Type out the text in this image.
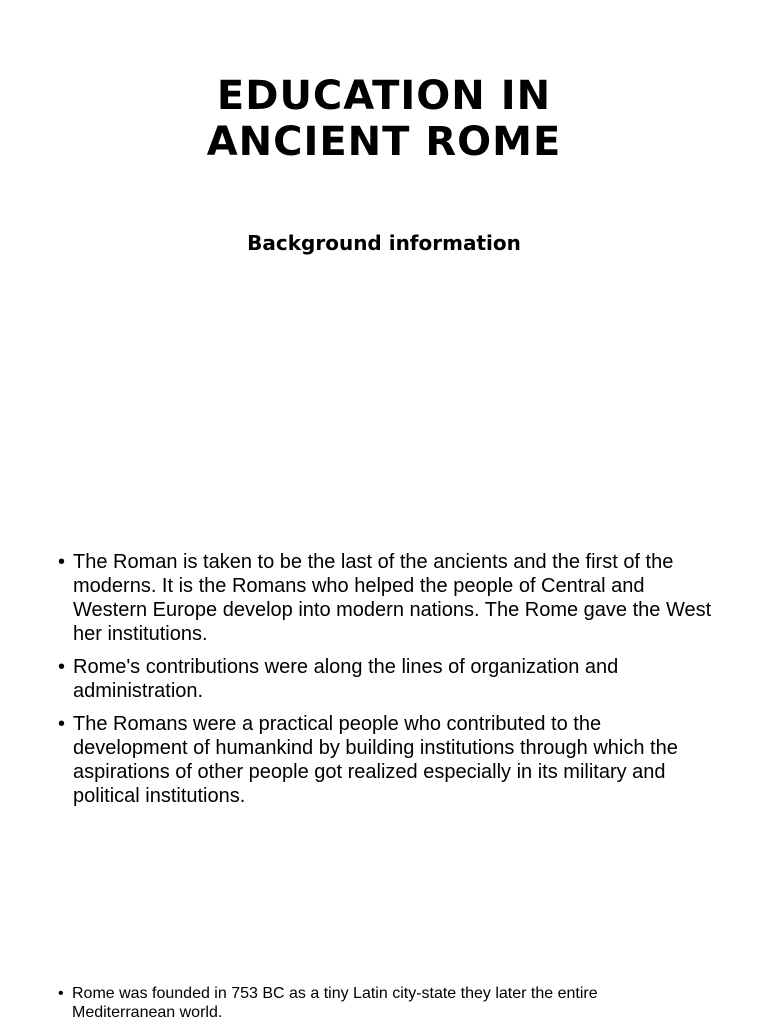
EDUCATION IN
ANCIENT ROME
Background information
• The Roman is taken to be the last of the ancients and the first of the moderns. It is the Romans who helped the people of Central and Western Europe develop into modern nations. The Rome gave the West her institutions.
• Rome's contributions were along the lines of organization and administration.
• The Romans were a practical people who contributed to the development of humankind by building institutions through which the aspirations of other people got realized especially in its military and political institutions.
• Rome was founded in 753 BC as a tiny Latin city-state they later the entire Mediterranean world.
